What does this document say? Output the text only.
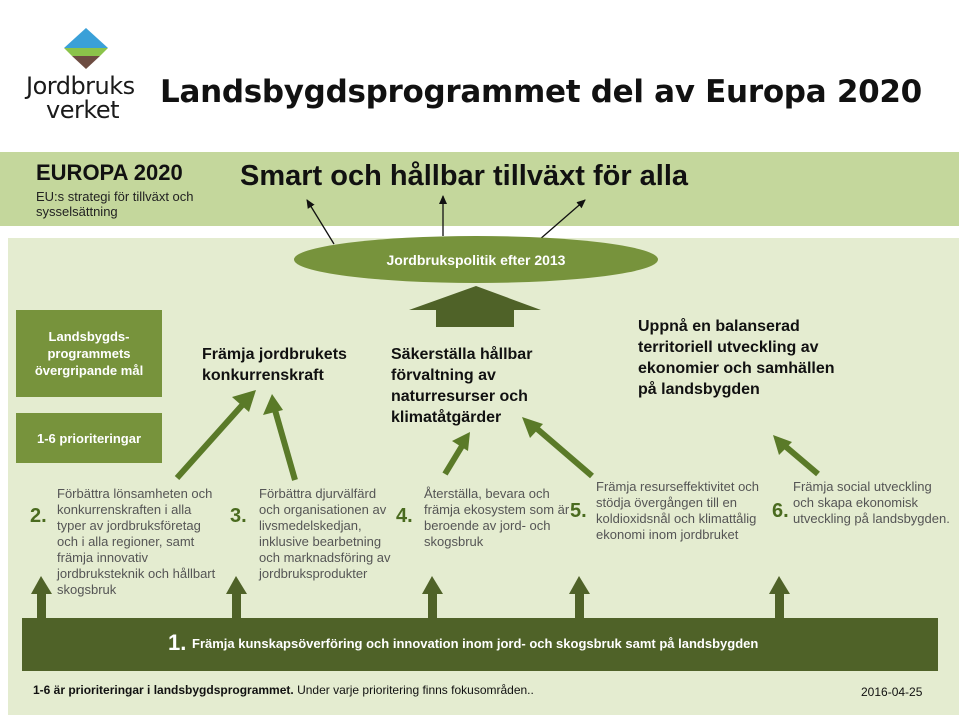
Jordbruks
verket Landsbygdsprogrammet del av Europa 2020
EUROPA 2020
EU:s strategi för tillväxt och sysselsättning
Smart och hållbar tillväxt för alla
Jordbrukspolitik efter 2013
Landsbygds-programmets övergripande mål
1-6 prioriteringar
Främja jordbrukets konkurrenskraft
Säkerställa hållbar förvaltning av naturresurser och klimatåtgärder
Uppnå en balanserad territoriell utveckling av ekonomier och samhällen på landsbygden
2.
Förbättra lönsamheten och konkurrenskraften i alla typer av jordbruksföretag och i alla regioner, samt främja innovativ jordbruksteknik och hållbart skogsbruk
3.
Förbättra djurvälfärd och organisationen av livsmedelskedjan, inklusive bearbetning och marknadsföring av jordbruksprodukter
4.
Återställa, bevara och främja ekosystem som är beroende av jord- och skogsbruk
5.
Främja resurseffektivitet och stödja övergången till en koldioxidsnål och klimattålig ekonomi inom jordbruket
6.
Främja social utveckling och skapa ekonomisk utveckling på landsbygden.
1. Främja kunskapsöverföring och innovation inom jord- och skogsbruk samt på landsbygden
1-6 är prioriteringar i landsbygdsprogrammet. Under varje prioritering finns fokusområden..	2016-04-25
